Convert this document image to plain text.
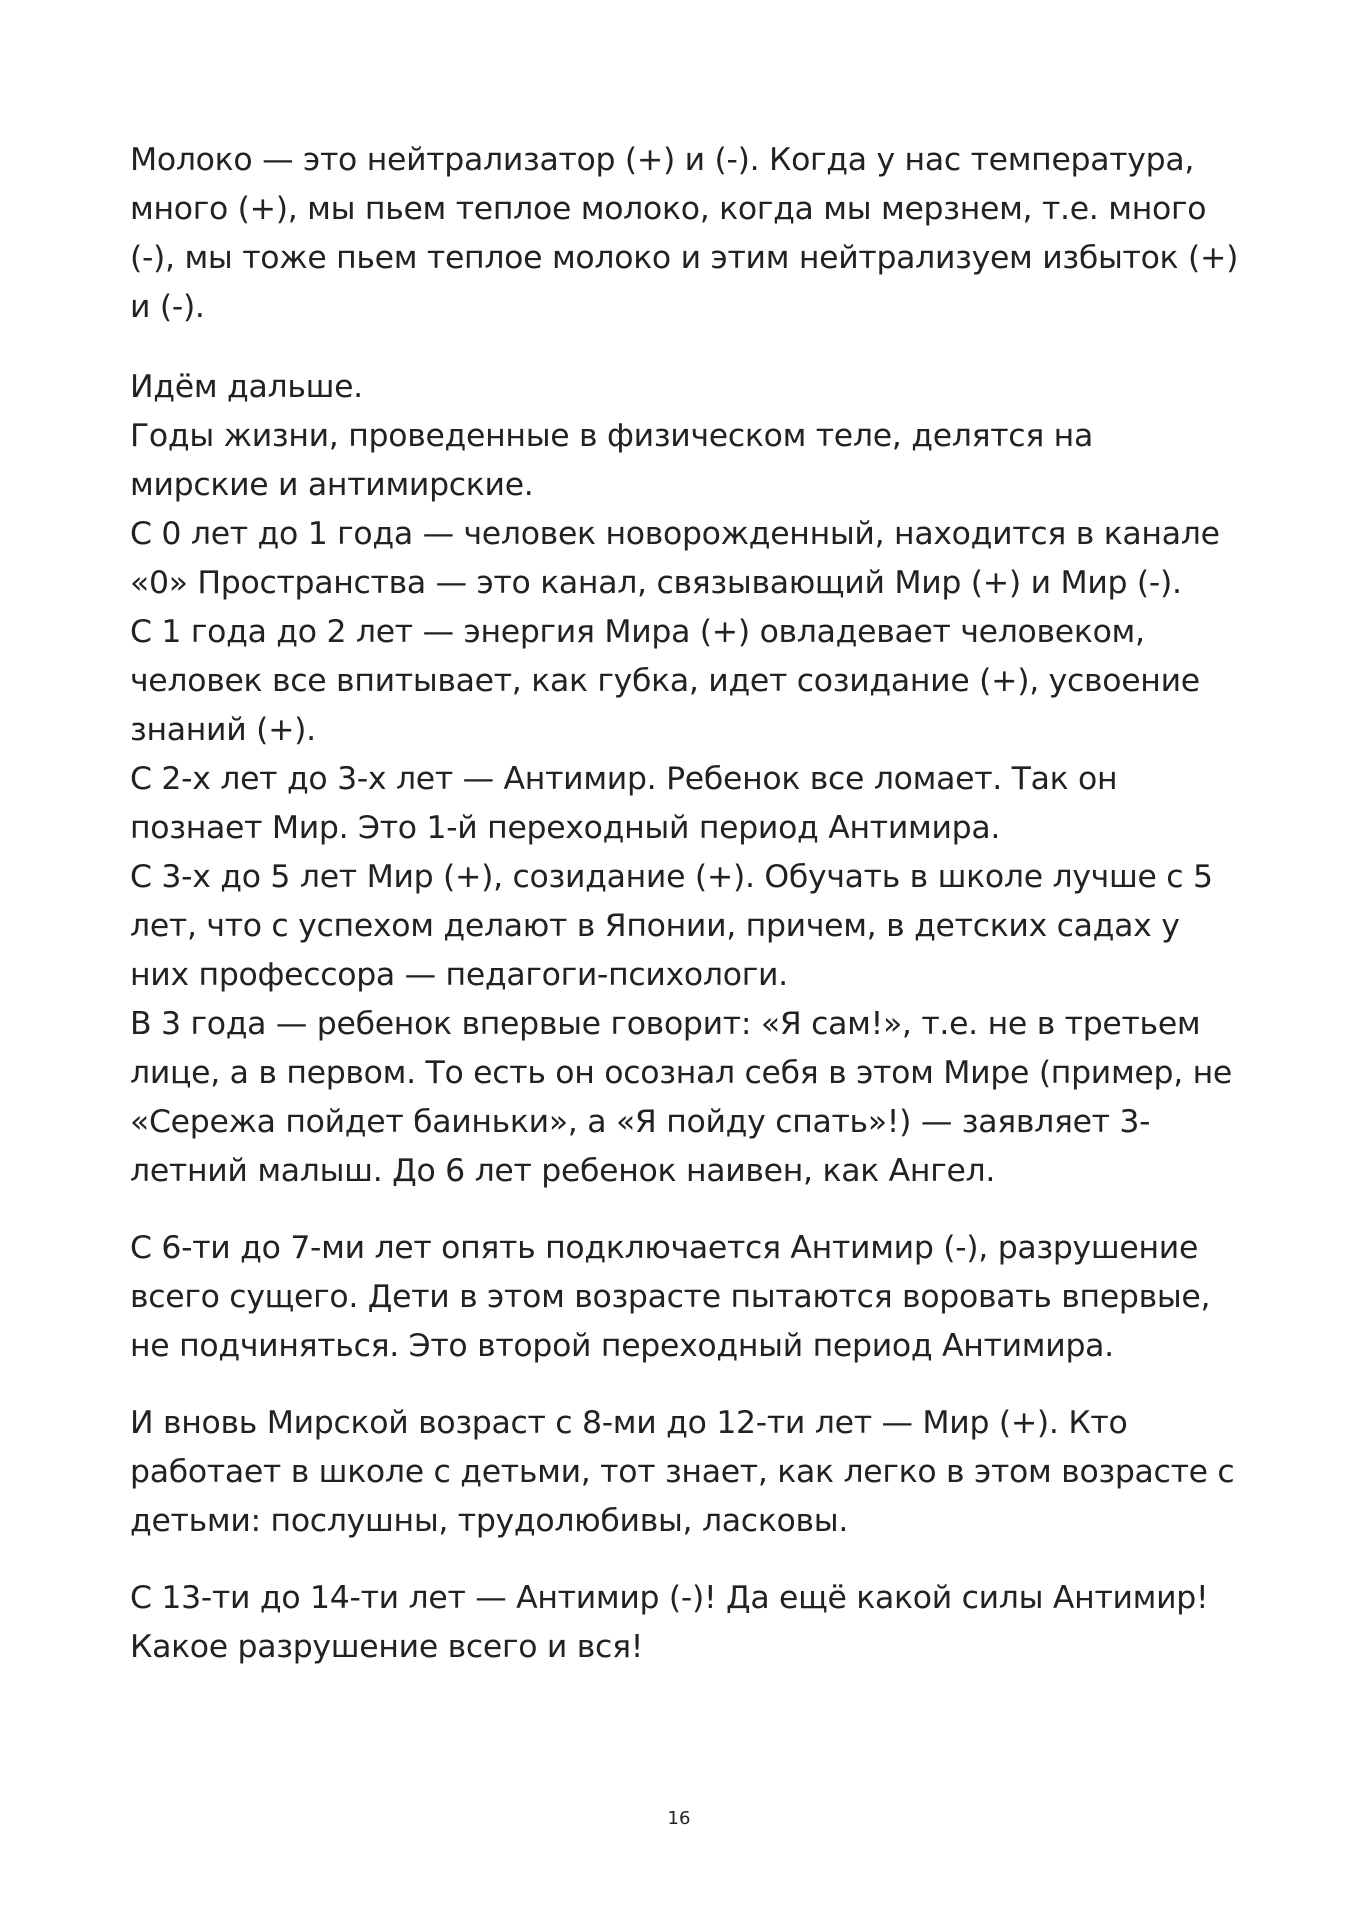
Молоко — это нейтрализатор (+) и (-). Когда у нас температура, много (+), мы пьем теплое молоко, когда мы мерзнем, т.е. много (-), мы тоже пьем теплое молоко и этим нейтрализуем избыток (+) и (-).

Идём дальше.

Годы жизни, проведенные в физическом теле, делятся на мирские и антимирские.

С 0 лет до 1 года — человек новорожденный, находится в канале «0» Пространства — это канал, связывающий Мир (+) и Мир (-).

С 1 года до 2 лет — энергия Мира (+) овладевает человеком, человек все впитывает, как губка, идет созидание (+), усвоение знаний (+).

С 2-х лет до 3-х лет — Антимир. Ребенок все ломает. Так он познает Мир. Это 1-й переходный период Антимира.

С 3-х до 5 лет Мир (+), созидание (+). Обучать в школе лучше с 5 лет, что с успехом делают в Японии, причем, в детских садах у них профессора — педагоги-психологи.

В 3 года — ребенок впервые говорит: «Я сам!», т.е. не в третьем лице, а в первом. То есть он осознал себя в этом Мире (пример, не «Сережа пойдет баиньки», а «Я пойду спать»!) — заявляет 3-летний малыш. До 6 лет ребенок наивен, как Ангел.

С 6-ти до 7-ми лет опять подключается Антимир (-), разрушение всего сущего. Дети в этом возрасте пытаются воровать впервые, не подчиняться. Это второй переходный период Антимира.

И вновь Мирской возраст с 8-ми до 12-ти лет — Мир (+). Кто работает в школе с детьми, тот знает, как легко в этом возрасте с детьми: послушны, трудолюбивы, ласковы.

С 13-ти до 14-ти лет — Антимир (-)! Да ещё какой силы Антимир! Какое разрушение всего и вся!

16
